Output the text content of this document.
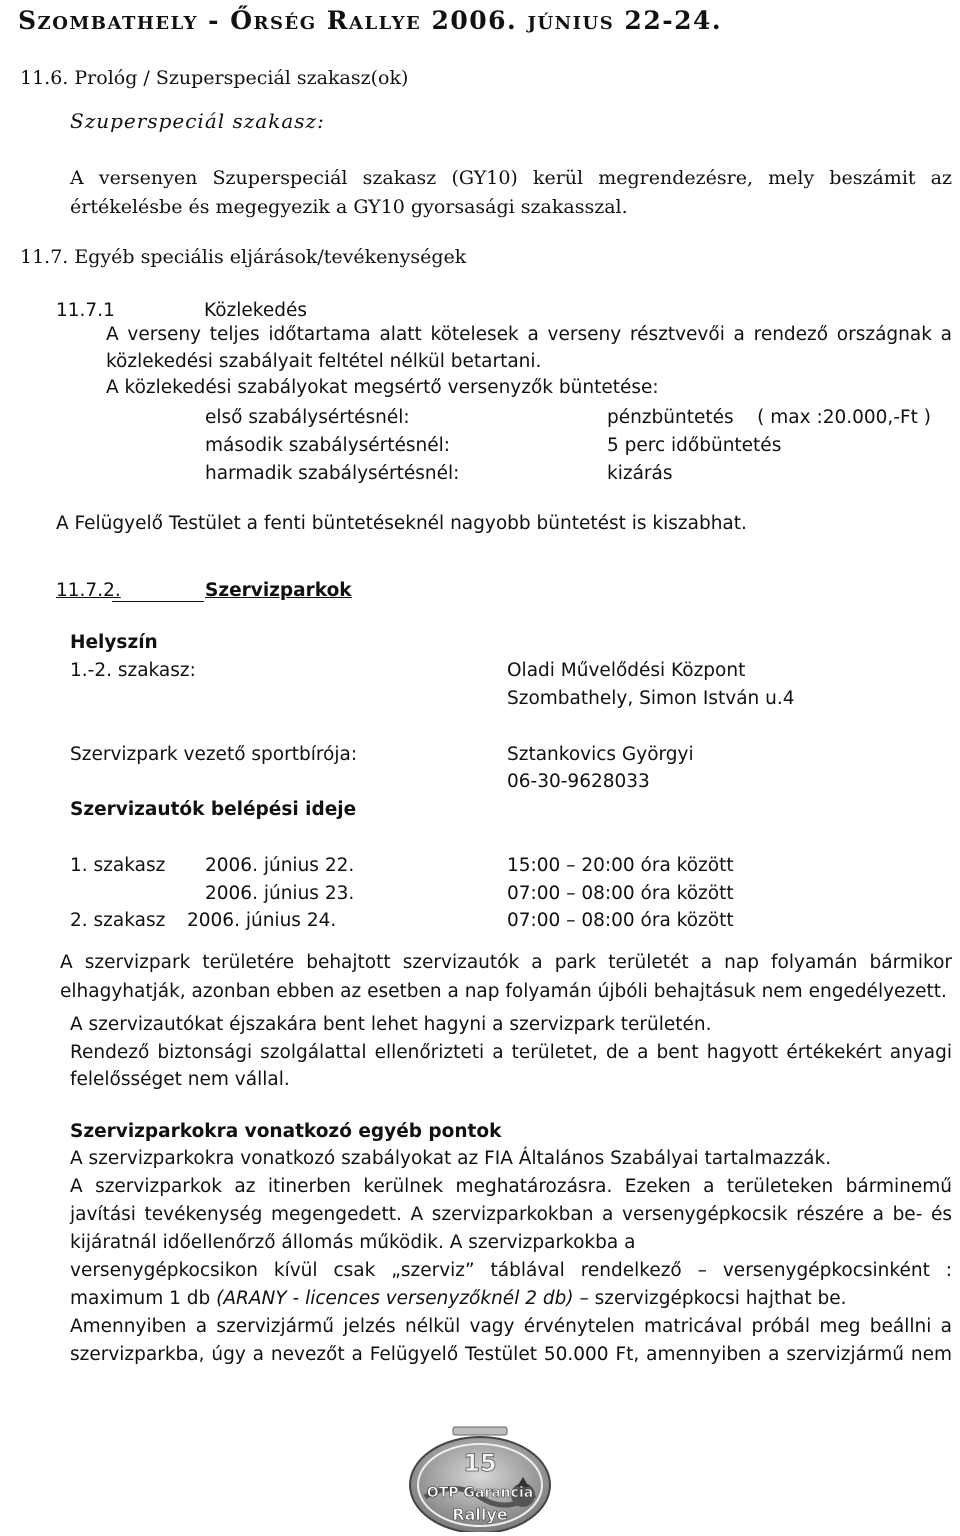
Szombathely - Őrség Rallye 2006. június 22-24.
11.6. Prológ / Szuperspeciál szakasz(ok)
Szuperspeciál szakasz:
A versenyen Szuperspeciál szakasz (GY10) kerül megrendezésre, mely beszámit az
értékelésbe és megegyezik a GY10 gyorsasági szakasszal.
11.7. Egyéb speciális eljárások/tevékenységek
11.7.1	Közlekedés
A verseny teljes időtartama alatt kötelesek a verseny résztvevői a rendező országnak a
közlekedési szabályait feltétel nélkül betartani.
A közlekedési szabályokat megsértő versenyzők büntetése:
első szabálysértésnél:	pénzbüntetés    ( max :20.000,-Ft )
második szabálysértésnél:	5 perc időbüntetés
harmadik szabálysértésnél:	kizárás
A Felügyelő Testület a fenti büntetéseknél nagyobb büntetést is kiszabhat.
11.7.2.	Szervizparkok
Helyszín
1.-2. szakasz:	Oladi Művelődési Központ
Szombathely, Simon István u.4
Szervizpark vezető sportbírója:	Sztankovics Györgyi
06-30-9628033
Szervizautók belépési ideje
1. szakasz 2006. június 22.	15:00 – 20:00 óra között
2006. június 23.	07:00 – 08:00 óra között
2. szakasz 2006. június 24.	07:00 – 08:00 óra között
A szervizpark területére behajtott szervizautók a park területét a nap folyamán bármikor
elhagyhatják, azonban ebben az esetben a nap folyamán újbóli behajtásuk nem engedélyezett.
A szervizautókat éjszakára bent lehet hagyni a szervizpark területén.
Rendező biztonsági szolgálattal ellenőrizteti a területet, de a bent hagyott értékekért anyagi
felelősséget nem vállal.
Szervizparkokra vonatkozó egyéb pontok
A szervizparkokra vonatkozó szabályokat az FIA Általános Szabályai tartalmazzák.
A szervizparkok az itinerben kerülnek meghatározásra. Ezeken a területeken bárminemű
javítási tevékenység megengedett. A szervizparkokban a versenygépkocsik részére a be- és
kijáratnál időellenőrző állomás működik. A szervizparkokba a
versenygépkocsikon kívül csak „szerviz” táblával rendelkező – versenygépkocsinként :
maximum 1 db (ARANY - licences versenyzőknél 2 db) – szervizgépkocsi hajthat be.
Amennyiben a szervizjármű jelzés nélkül vagy érvénytelen matricával próbál meg beállni a
szervizparkba, úgy a nevezőt a Felügyelő Testület 50.000 Ft, amennyiben a szervizjármű nem
15
OTP Garancia
Rallye
